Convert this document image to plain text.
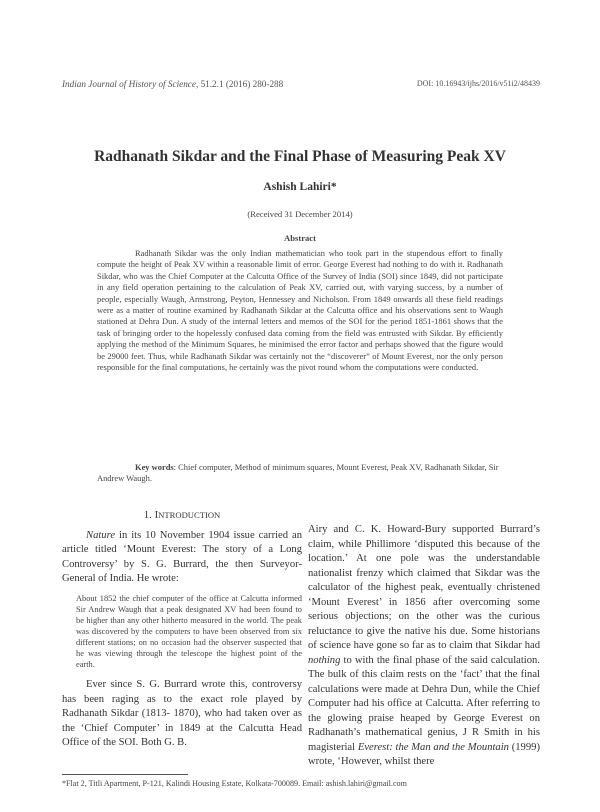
Indian Journal of History of Science, 51.2.1 (2016) 280-288	DOI: 10.16943/ijhs/2016/v51i2/48439
Radhanath Sikdar and the Final Phase of Measuring Peak XV
Ashish Lahiri*
(Received 31 December 2014)
Abstract

Radhanath Sikdar was the only Indian mathematician who took part in the stupendous effort to finally compute the height of Peak XV within a reasonable limit of error. George Everest had nothing to do with it. Radhanath Sikdar, who was the Chief Computer at the Calcutta Office of the Survey of India (SOI) since 1849, did not participate in any field operation pertaining to the calculation of Peak XV, carried out, with varying success, by a number of people, especially Waugh, Armstrong, Peyton, Hennessey and Nicholson. From 1849 onwards all these field readings were as a matter of routine examined by Radhanath Sikdar at the Calcutta office and his observations sent to Waugh stationed at Dehra Dun. A study of the internal letters and memos of the SOI for the period 1851-1861 shows that the task of bringing order to the hopelessly confused data coming from the field was entrusted with Sikdar. By efficiently applying the method of the Minimum Squares, he minimised the error factor and perhaps showed that the figure would be 29000 feet. Thus, while Radhanath Sikdar was certainly not the “discoverer” of Mount Everest, nor the only person responsible for the final computations, he certainly was the pivot round whom the computations were conducted.

Key words: Chief computer, Method of minimum squares, Mount Everest, Peak XV, Radhanath Sikdar, Sir Andrew Waugh.

1. INTRODUCTION

Nature in its 10 November 1904 issue carried an article titled ‘Mount Everest: The story of a Long Controversy’ by S. G. Burrard, the then Surveyor-General of India. He wrote:

About 1852 the chief computer of the office at Calcutta informed Sir Andrew Waugh that a peak designated XV had been found to be higher than any other hitherto measured in the world. The peak was discovered by the computers to have been observed from six different stations; on no occasion had the observer suspected that he was viewing through the telescope the highest point of the earth.

Ever since S. G. Burrard wrote this, controversy has been raging as to the exact role played by Radhanath Sikdar (1813- 1870), who had taken over as the ‘Chief Computer’ in 1849 at the Calcutta Head Office of the SOI. Both G. B.

Airy and C. K. Howard-Bury supported Burrard’s claim, while Phillimore ‘disputed this because of the location.’ At one pole was the understandable nationalist frenzy which claimed that Sikdar was the calculator of the highest peak, eventually christened ‘Mount Everest’ in 1856 after overcoming some serious objections; on the other was the curious reluctance to give the native his due. Some historians of science have gone so far as to claim that Sikdar had nothing to with the final phase of the said calculation. The bulk of this claim rests on the ‘fact’ that the final calculations were made at Dehra Dun, while the Chief Computer had his office at Calcutta. After referring to the glowing praise heaped by George Everest on Radhanath’s mathematical genius, J R Smith in his magisterial Everest: the Man and the Mountain (1999) wrote, ‘However, whilst there

*Flat 2, Titli Apartment, P-121, Kalindi Housing Estate, Kolkata-700089. Email: ashish.lahiri@gmail.com
